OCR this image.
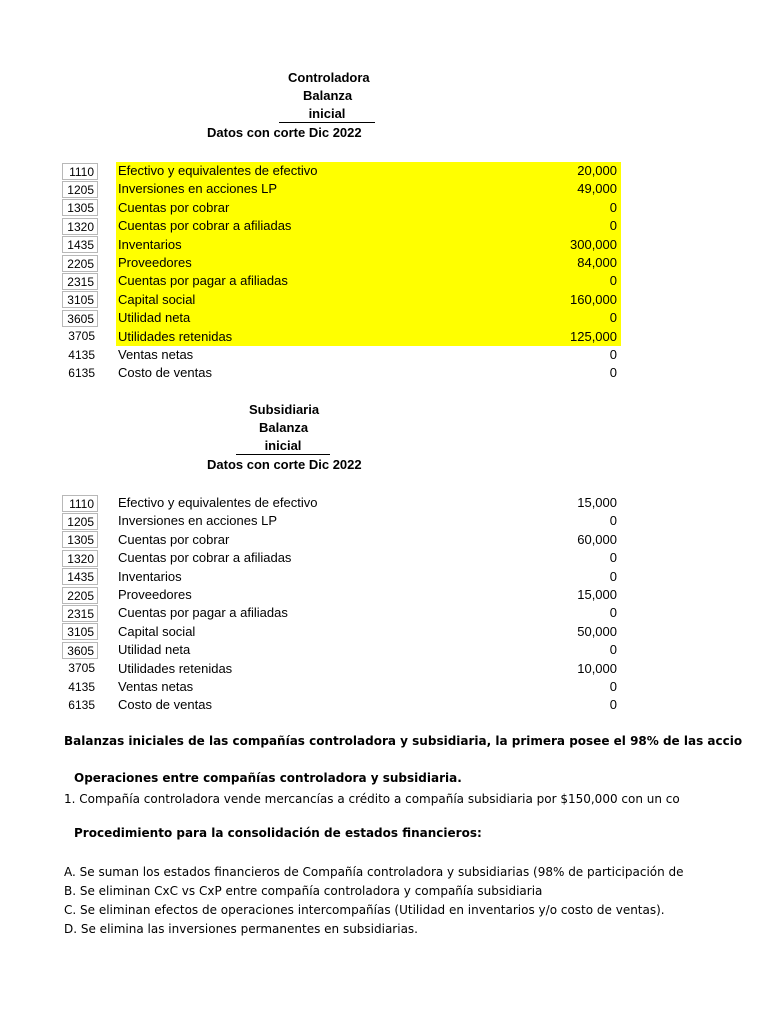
Controladora
Balanza
inicial
Datos con corte Dic 2022
1110	Efectivo y equivalentes de efectivo	20,000
1205	Inversiones en acciones LP	49,000
1305	Cuentas por cobrar	0
1320	Cuentas por cobrar a afiliadas	0
1435	Inventarios	300,000
2205	Proveedores	84,000
2315	Cuentas por pagar a afiliadas	0
3105	Capital social	160,000
3605	Utilidad neta	0
3705 Utilidades retenidas	125,000
4135 Ventas netas	0
6135 Costo de ventas	0
Subsidiaria
Balanza
inicial
Datos con corte Dic 2022
1110	Efectivo y equivalentes de efectivo	15,000
1205	Inversiones en acciones LP	0
1305	Cuentas por cobrar	60,000
1320	Cuentas por cobrar a afiliadas	0
1435	Inventarios	0
2205	Proveedores	15,000
2315	Cuentas por pagar a afiliadas	0
3105	Capital social	50,000
3605	Utilidad neta	0
3705 Utilidades retenidas	10,000
4135 Ventas netas	0
6135 Costo de ventas	0
Balanzas iniciales de las compañías controladora y subsidiaria, la primera posee el 98% de las accio
Operaciones entre compañías controladora y subsidiaria.
1. Compañía controladora vende mercancías a crédito a compañía subsidiaria por $150,000 con un co
Procedimiento para la consolidación de estados financieros:
A. Se suman los estados financieros de Compañía controladora y subsidiarias (98% de participación de
B. Se eliminan CxC vs CxP entre compañía controladora y compañía subsidiaria
C. Se eliminan efectos de operaciones intercompañías (Utilidad en inventarios y/o costo de ventas).
D. Se elimina las inversiones permanentes en subsidiarias.
